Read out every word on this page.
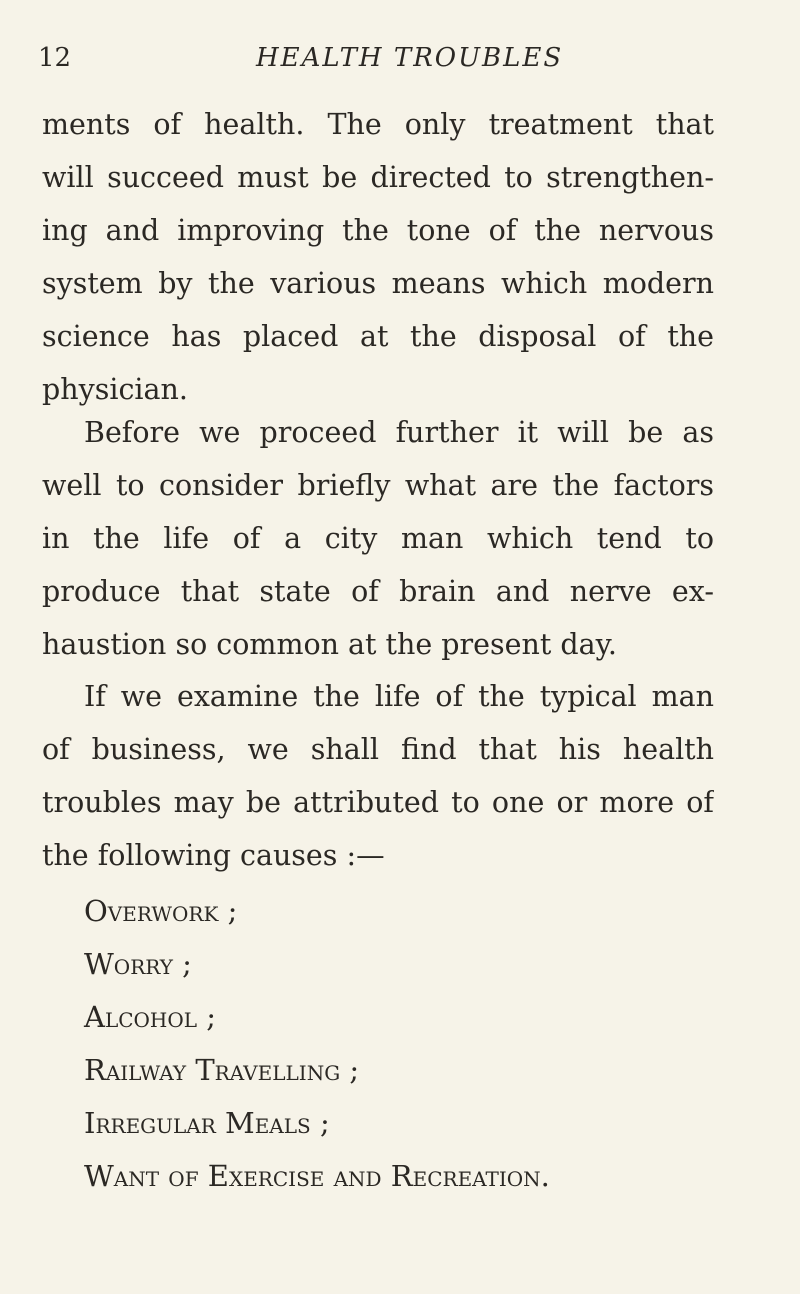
12	HEALTH TROUBLES
ments of health. The only treatment that
will succeed must be directed to strengthen-
ing and improving the tone of the nervous
system by the various means which modern
science has placed at the disposal of the
physician.
Before we proceed further it will be as
well to consider briefly what are the factors
in the life of a city man which tend to
produce that state of brain and nerve ex-
haustion so common at the present day.
If we examine the life of the typical man
of business, we shall find that his health
troubles may be attributed to one or more of
the following causes :—
Overwork ;
Worry ;
Alcohol ;
Railway Travelling ;
Irregular Meals ;
Want of Exercise and Recreation.
